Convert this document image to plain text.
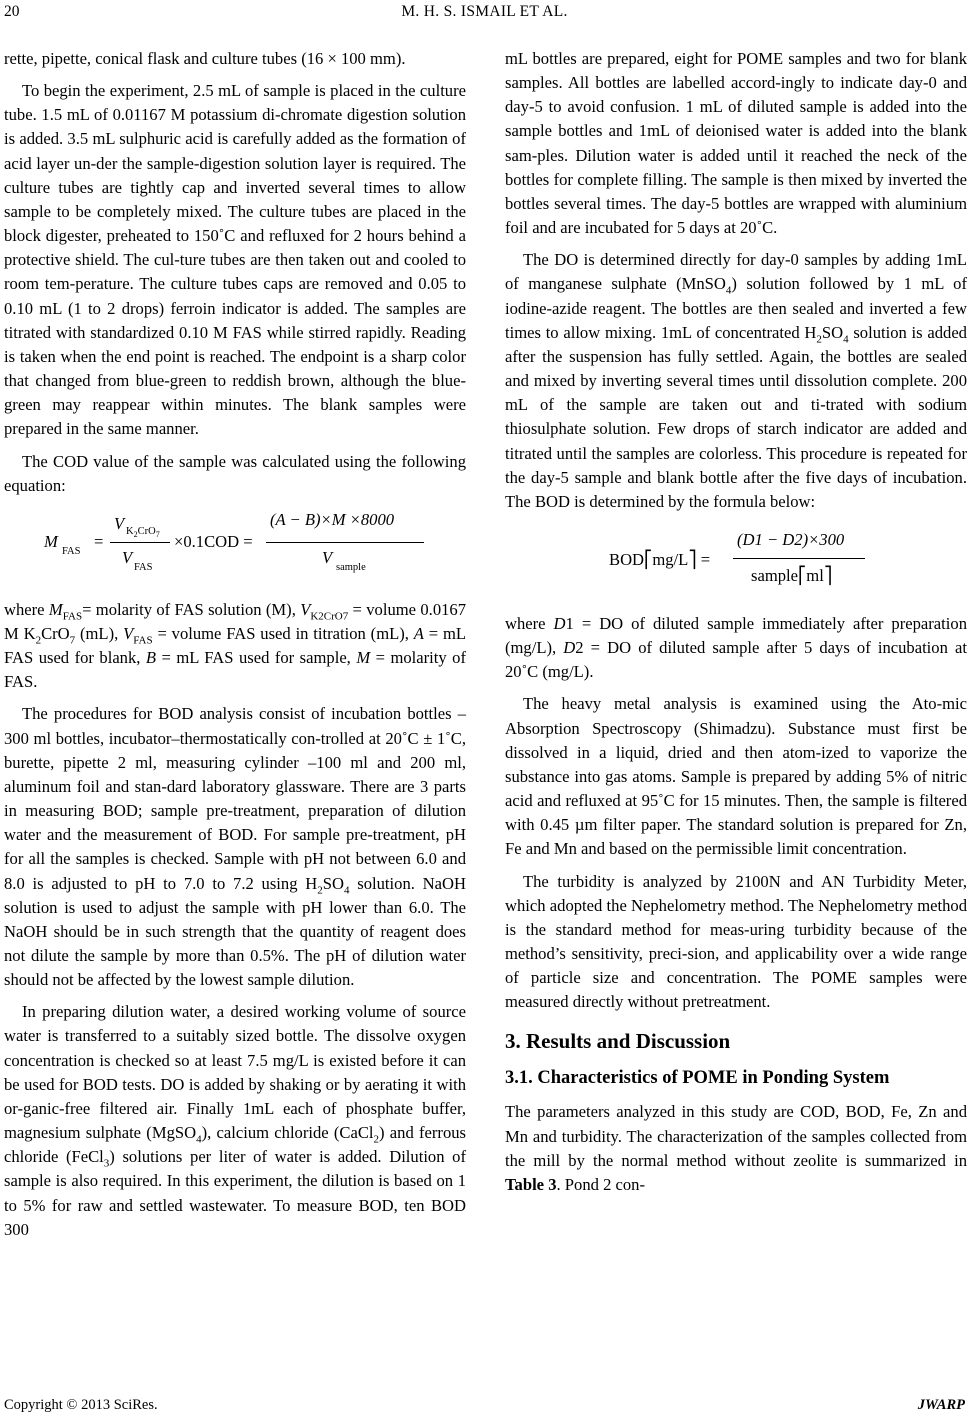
20	M. H. S. ISMAIL ET AL.

rette, pipette, conical flask and culture tubes (16 × 100 mm).

To begin the experiment, 2.5 mL of sample is placed in the culture tube. 1.5 mL of 0.01167 M potassium di-chromate digestion solution is added. 3.5 mL sulphuric acid is carefully added as the formation of acid layer un-der the sample-digestion solution layer is required. The culture tubes are tightly cap and inverted several times to allow sample to be completely mixed. The culture tubes are placed in the block digester, preheated to 150˚C and refluxed for 2 hours behind a protective shield. The cul-ture tubes are then taken out and cooled to room tem-perature. The culture tubes caps are removed and 0.05 to 0.10 mL (1 to 2 drops) ferroin indicator is added. The samples are titrated with standardized 0.10 M FAS while stirred rapidly. Reading is taken when the end point is reached. The endpoint is a sharp color that changed from blue-green to reddish brown, although the blue-green may reappear within minutes. The blank samples were prepared in the same manner.

The COD value of the sample was calculated using the following equation:

M
FAS
=
V $K_2CrO_7$
V
FAS
×0.1COD =
(A − B)×M ×8000
V
sample

where $M_{FAS}=$ molarity of FAS solution (M), $V_{K2CrO7}$ = volume 0.0167 M $K_2CrO_7$ (mL), $V_{FAS}$ = volume FAS used in titration (mL), A = mL FAS used for blank, B = mL FAS used for sample, M = molarity of FAS.

The procedures for BOD analysis consist of incubation bottles –300 ml bottles, incubator–thermostatically con-trolled at 20˚C ± 1˚C, burette, pipette 2 ml, measuring cylinder –100 ml and 200 ml, aluminum foil and stan-dard laboratory glassware. There are 3 parts in measuring BOD; sample pre-treatment, preparation of dilution water and the measurement of BOD. For sample pre-treatment, pH for all the samples is checked. Sample with pH not between 6.0 and 8.0 is adjusted to pH to 7.0 to 7.2 using $H_2SO_4$ solution. NaOH solution is used to adjust the sample with pH lower than 6.0. The NaOH should be in such strength that the quantity of reagent does not dilute the sample by more than 0.5%. The pH of dilution water should not be affected by the lowest sample dilution.

In preparing dilution water, a desired working volume of source water is transferred to a suitably sized bottle. The dissolve oxygen concentration is checked so at least 7.5 mg/L is existed before it can be used for BOD tests. DO is added by shaking or by aerating it with or-ganic-free filtered air. Finally 1mL each of phosphate buffer, magnesium sulphate (MgSO$_4$), calcium chloride (CaCl$_2$) and ferrous chloride (FeCl$_3$) solutions per liter of water is added. Dilution of sample is also required. In this experiment, the dilution is based on 1 to 5% for raw and settled wastewater. To measure BOD, ten BOD 300

mL bottles are prepared, eight for POME samples and two for blank samples. All bottles are labelled accord-ingly to indicate day-0 and day-5 to avoid confusion. 1 mL of diluted sample is added into the sample bottles and 1mL of deionised water is added into the blank sam-ples. Dilution water is added until it reached the neck of the bottles for complete filling. The sample is then mixed by inverted the bottles several times. The day-5 bottles are wrapped with aluminium foil and are incubated for 5 days at 20˚C.

The DO is determined directly for day-0 samples by adding 1mL of manganese sulphate (MnSO$_4$) solution followed by 1 mL of iodine-azide reagent. The bottles are then sealed and inverted a few times to allow mixing. 1mL of concentrated $H_2SO_4$ solution is added after the suspension has fully settled. Again, the bottles are sealed and mixed by inverting several times until dissolution complete. 200 mL of the sample are taken out and ti-trated with sodium thiosulphate solution. Few drops of starch indicator are added and titrated until the samples are colorless. This procedure is repeated for the day-5 sample and blank bottle after the five days of incubation. The BOD is determined by the formula below:

BOD⎡mg/L⎤ =
(D1 − D2)×300
sample⎡ml⎤

where D1 = DO of diluted sample immediately after preparation (mg/L), D2 = DO of diluted sample after 5 days of incubation at 20˚C (mg/L).

The heavy metal analysis is examined using the Ato-mic Absorption Spectroscopy (Shimadzu). Substance must first be dissolved in a liquid, dried and then atom-ized to vaporize the substance into gas atoms. Sample is prepared by adding 5% of nitric acid and refluxed at 95˚C for 15 minutes. Then, the sample is filtered with 0.45 µm filter paper. The standard solution is prepared for Zn, Fe and Mn and based on the permissible limit concentration.

The turbidity is analyzed by 2100N and AN Turbidity Meter, which adopted the Nephelometry method. The Nephelometry method is the standard method for meas-uring turbidity because of the method’s sensitivity, preci-sion, and applicability over a wide range of particle size and concentration. The POME samples were measured directly without pretreatment.

3. Results and Discussion
3.1. Characteristics of POME in Ponding System

The parameters analyzed in this study are COD, BOD, Fe, Zn and Mn and turbidity. The characterization of the samples collected from the mill by the normal method without zeolite is summarized in Table 3. Pond 2 con-

Copyright © 2013 SciRes.	JWARP
